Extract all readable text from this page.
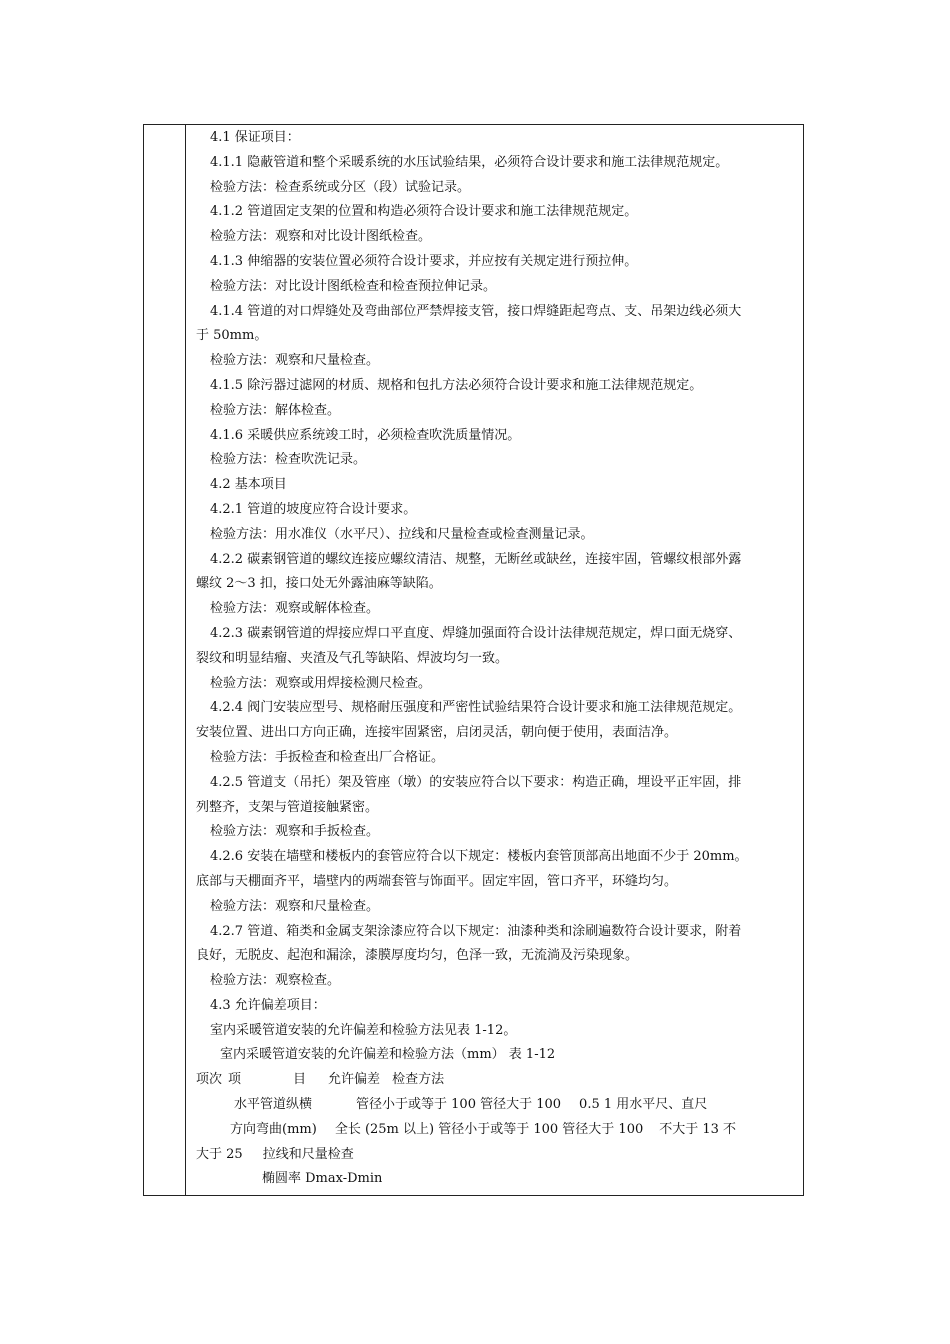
4.1 保证项目：
4.1.1 隐蔽管道和整个采暖系统的水压试验结果，必须符合设计要求和施工法律规范规定。
检验方法：检查系统或分区（段）试验记录。
4.1.2 管道固定支架的位置和构造必须符合设计要求和施工法律规范规定。
检验方法：观察和对比设计图纸检查。
4.1.3 伸缩器的安装位置必须符合设计要求，并应按有关规定进行预拉伸。
检验方法：对比设计图纸检查和检查预拉伸记录。
4.1.4 管道的对口焊缝处及弯曲部位严禁焊接支管，接口焊缝距起弯点、支、吊架边线必须大
于 50mm。
检验方法：观察和尺量检查。
4.1.5 除污器过滤网的材质、规格和包扎方法必须符合设计要求和施工法律规范规定。
检验方法：解体检查。
4.1.6 采暖供应系统竣工时，必须检查吹洗质量情况。
检验方法：检查吹洗记录。
4.2 基本项目
4.2.1 管道的坡度应符合设计要求。
检验方法：用水准仪（水平尺）、拉线和尺量检查或检查测量记录。
4.2.2 碳素钢管道的螺纹连接应螺纹清洁、规整，无断丝或缺丝，连接牢固，管螺纹根部外露
螺纹 2～3 扣，接口处无外露油麻等缺陷。
检验方法：观察或解体检查。
4.2.3 碳素钢管道的焊接应焊口平直度、焊缝加强面符合设计法律规范规定，焊口面无烧穿、
裂纹和明显结瘤、夹渣及气孔等缺陷、焊波均匀一致。
检验方法：观察或用焊接检测尺检查。
4.2.4 阀门安装应型号、规格耐压强度和严密性试验结果符合设计要求和施工法律规范规定。
安装位置、进出口方向正确，连接牢固紧密，启闭灵活，朝向便于使用，表面洁净。
检验方法：手扳检查和检查出厂合格证。
4.2.5 管道支（吊托）架及管座（墩）的安装应符合以下要求：构造正确，埋设平正牢固，排
列整齐，支架与管道接触紧密。
检验方法：观察和手扳检查。
4.2.6 安装在墙壁和楼板内的套管应符合以下规定：楼板内套管顶部高出地面不少于 20mm。
底部与天棚面齐平，墙壁内的两端套管与饰面平。固定牢固，管口齐平，环缝均匀。
检验方法：观察和尺量检查。
4.2.7 管道、箱类和金属支架涂漆应符合以下规定：油漆种类和涂刷遍数符合设计要求，附着
良好，无脱皮、起泡和漏涂，漆膜厚度均匀，色泽一致，无流淌及污染现象。
检验方法：观察检查。
4.3 允许偏差项目：
室内采暖管道安装的允许偏差和检验方法见表 1-12。
室内采暖管道安装的允许偏差和检验方法（mm） 表 1-12
项次 项	目 允许偏差 检查方法
水平管道纵横	管径小于或等于 100 管径大于 100 0.5 1 用水平尺、直尺
方向弯曲(mm) 全长 (25m 以上) 管径小于或等于 100 管径大于 100 不大于 13 不
大于 25 拉线和尺量检查
椭圆率 Dmax-Dmin
